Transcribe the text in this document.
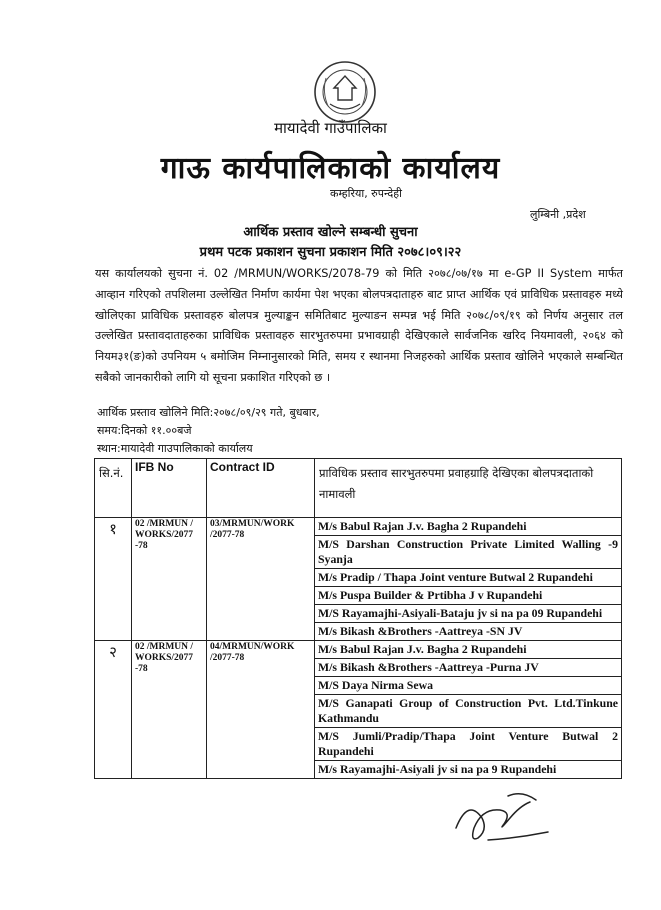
मायादेवी गाउँपालिका
गाऊ कार्यपालिकाको कार्यालय
कम्हरिया, रुपन्देही
लुम्बिनी ,प्रदेश
आर्थिक प्रस्ताव खोल्ने सम्बन्धी सुचना
प्रथम पटक प्रकाशन सुचना प्रकाशन मिति २०७८।०९।२२
यस कार्यालयको सुचना नं. 02 /MRMUN/WORKS/2078-79 को मिति २०७८/०७/१७ मा e-GP II System मार्फत आव्हान गरिएको तपशिलमा उल्लेखित निर्माण कार्यमा पेश भएका बोलपत्रदाताहरु बाट प्राप्त आर्थिक एवं प्राविधिक प्रस्तावहरु मध्ये खोलिएका प्राविधिक प्रस्तावहरु बोलपत्र मुल्याङ्कन समितिबाट मुल्याङन सम्पन्न भई मिति २०७८/०९/१९ को निर्णय अनुसार तल उल्लेखित प्रस्तावदाताहरुका प्राविधिक प्रस्तावहरु सारभुतरुपमा प्रभावग्राही देखिएकाले सार्वजनिक खरिद नियमावली, २०६४ को नियम३१(ङ)को उपनियम ५ बमोजिम निम्नानुसारको मिति, समय र स्थानमा निजहरुको आर्थिक प्रस्ताव खोलिने भएकाले सम्बन्धित सबैको जानकारीको लागि यो सूचना प्रकाशित गरिएको छ ।
आर्थिक प्रस्ताव खोलिने मिति:२०७८/०९/२९ गते, बुधबार,
समय:दिनको ११.००बजे
स्थान:मायादेवी गाउपालिकाको कार्यालय
सि.नं.	IFB No	Contract ID	प्राविधिक प्रस्ताव सारभुतरुपमा प्रवाहग्राहि देखिएका बोलपत्रदाताको नामावली
१	02 /MRMUN / WORKS/2077 -78	03/MRMUN/WORK /2077-78	M/s Babul Rajan J.v. Bagha 2 Rupandehi
			M/S Darshan Construction Private Limited Walling -9 Syanja
			M/s Pradip / Thapa Joint venture Butwal 2 Rupandehi
			M/s Puspa Builder & Prtibha J v Rupandehi
			M/S Rayamajhi-Asiyali-Bataju jv si na pa 09 Rupandehi
			M/s Bikash &Brothers -Aattreya -SN JV
२	02 /MRMUN / WORKS/2077 -78	04/MRMUN/WORK /2077-78	M/s Babul Rajan J.v. Bagha 2 Rupandehi
			M/s Bikash &Brothers -Aattreya -Purna JV
			M/S Daya Nirma Sewa
			M/S Ganapati Group of Construction Pvt. Ltd.Tinkune Kathmandu
			M/S Jumli/Pradip/Thapa Joint Venture Butwal 2 Rupandehi
			M/s Rayamajhi-Asiyali jv si na pa 9 Rupandehi
